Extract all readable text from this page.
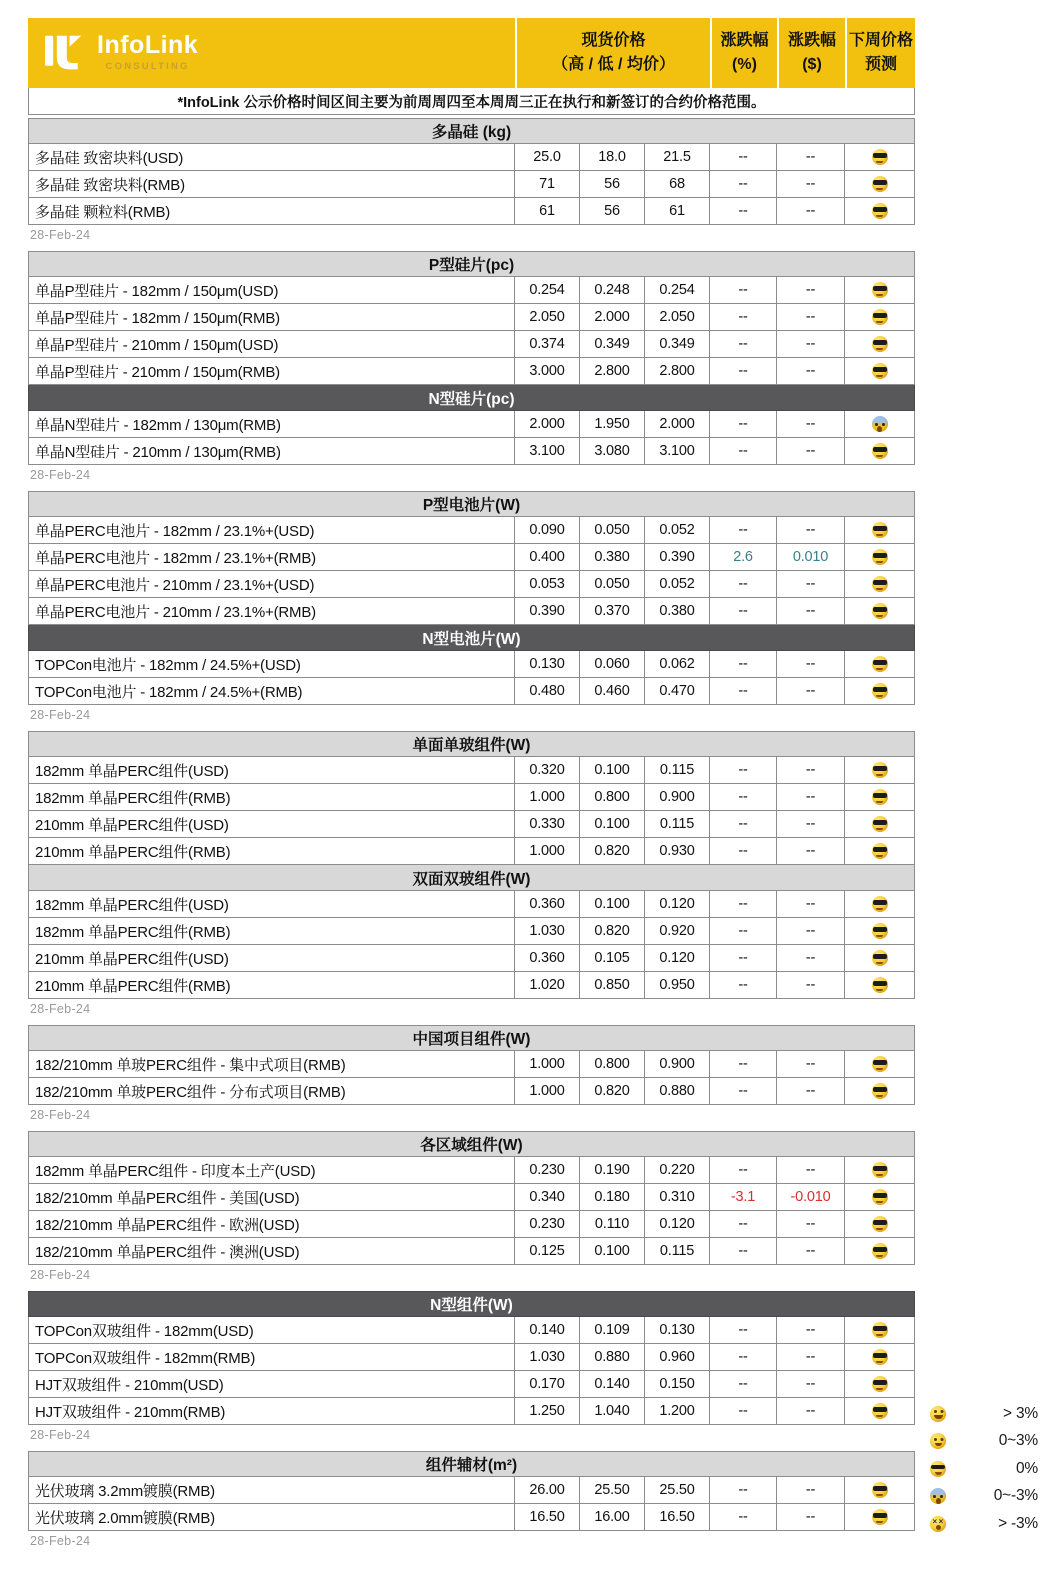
InfoLink
CONSULTING
现货价格
（高 / 低 / 均价）
涨跌幅
(%)
涨跌幅
($)
下周价格
预测
*InfoLink 公示价格时间区间主要为前周周四至本周周三正在执行和新签订的合约价格范围。
多晶硅 (kg)
多晶硅 致密块料(USD)	25.0	18.0	21.5	--	--
多晶硅 致密块料(RMB)	71	56	68	--	--
多晶硅 颗粒料(RMB)	61	56	61	--	--
28-Feb-24
P型硅片(pc)
单晶P型硅片 - 182mm / 150μm(USD)	0.254	0.248	0.254	--	--
单晶P型硅片 - 182mm / 150μm(RMB)	2.050	2.000	2.050	--	--
单晶P型硅片 - 210mm / 150μm(USD)	0.374	0.349	0.349	--	--
单晶P型硅片 - 210mm / 150μm(RMB)	3.000	2.800	2.800	--	--
N型硅片(pc)
单晶N型硅片 - 182mm / 130μm(RMB)	2.000	1.950	2.000	--	--
单晶N型硅片 - 210mm / 130μm(RMB)	3.100	3.080	3.100	--	--
28-Feb-24
P型电池片(W)
单晶PERC电池片 - 182mm / 23.1%+(USD)	0.090	0.050	0.052	--	--
单晶PERC电池片 - 182mm / 23.1%+(RMB)	0.400	0.380	0.390	2.6	0.010
单晶PERC电池片 - 210mm / 23.1%+(USD)	0.053	0.050	0.052	--	--
单晶PERC电池片 - 210mm / 23.1%+(RMB)	0.390	0.370	0.380	--	--
N型电池片(W)
TOPCon电池片 - 182mm / 24.5%+(USD)	0.130	0.060	0.062	--	--
TOPCon电池片 - 182mm / 24.5%+(RMB)	0.480	0.460	0.470	--	--
28-Feb-24
单面单玻组件(W)
182mm 单晶PERC组件(USD)	0.320	0.100	0.115	--	--
182mm 单晶PERC组件(RMB)	1.000	0.800	0.900	--	--
210mm 单晶PERC组件(USD)	0.330	0.100	0.115	--	--
210mm 单晶PERC组件(RMB)	1.000	0.820	0.930	--	--
双面双玻组件(W)
182mm 单晶PERC组件(USD)	0.360	0.100	0.120	--	--
182mm 单晶PERC组件(RMB)	1.030	0.820	0.920	--	--
210mm 单晶PERC组件(USD)	0.360	0.105	0.120	--	--
210mm 单晶PERC组件(RMB)	1.020	0.850	0.950	--	--
28-Feb-24
中国项目组件(W)
182/210mm 单玻PERC组件 - 集中式项目(RMB)	1.000	0.800	0.900	--	--
182/210mm 单玻PERC组件 - 分布式项目(RMB)	1.000	0.820	0.880	--	--
28-Feb-24
各区域组件(W)
182mm 单晶PERC组件 - 印度本土产(USD)	0.230	0.190	0.220	--	--
182/210mm 单晶PERC组件 - 美国(USD)	0.340	0.180	0.310	-3.1	-0.010
182/210mm 单晶PERC组件 - 欧洲(USD)	0.230	0.110	0.120	--	--
182/210mm 单晶PERC组件 - 澳洲(USD)	0.125	0.100	0.115	--	--
28-Feb-24
N型组件(W)
TOPCon双玻组件 - 182mm(USD)	0.140	0.109	0.130	--	--
TOPCon双玻组件 - 182mm(RMB)	1.030	0.880	0.960	--	--
HJT双玻组件 - 210mm(USD)	0.170	0.140	0.150	--	--
HJT双玻组件 - 210mm(RMB)	1.250	1.040	1.200	--	--
28-Feb-24
组件辅材(m²)
光伏玻璃 3.2mm镀膜(RMB)	26.00	25.50	25.50	--	--
光伏玻璃 2.0mm镀膜(RMB)	16.50	16.00	16.50	--	--
28-Feb-24
> 3%
0~3%
0%
0~-3%
××
> -3%
